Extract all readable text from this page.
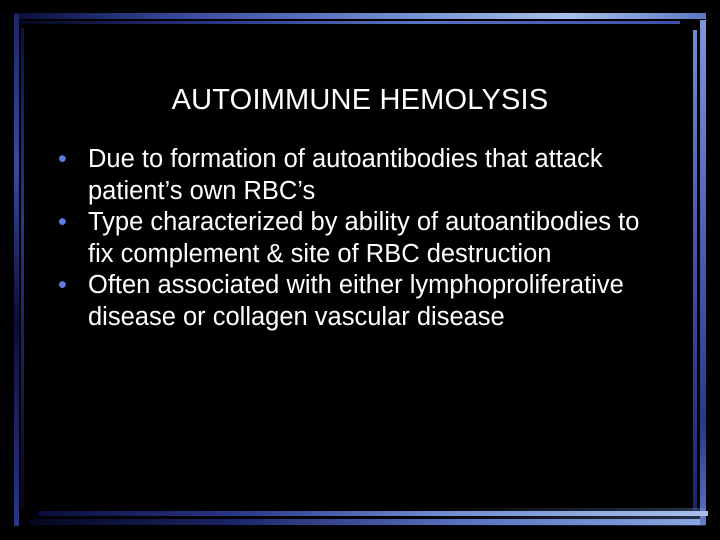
AUTOIMMUNE HEMOLYSIS
• Due to formation of autoantibodies that attack patient’s own RBC’s
• Type characterized by ability of autoantibodies to fix complement & site of RBC destruction
• Often associated with either lymphoproliferative disease or collagen vascular disease
